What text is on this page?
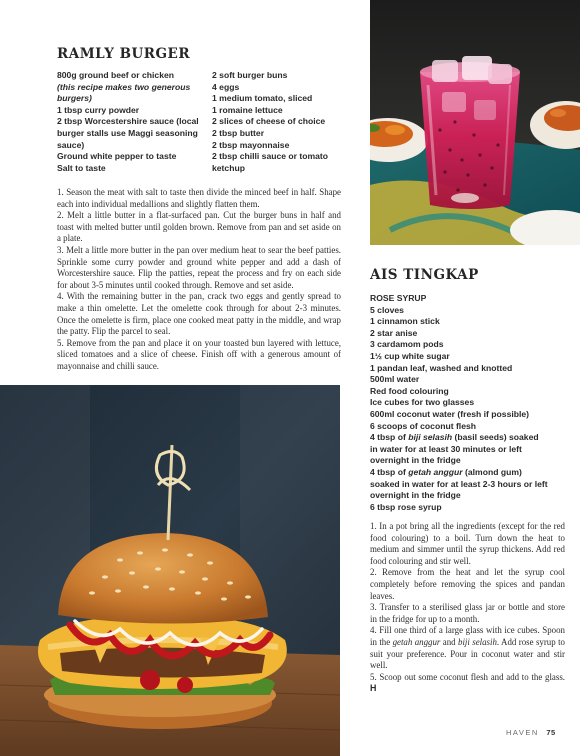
RAMLY BURGER
800g ground beef or chicken
(this recipe makes two generous
burgers)
1 tbsp curry powder
2 tbsp Worcestershire sauce (local
burger stalls use Maggi seasoning
sauce)
Ground white pepper to taste
Salt to taste
2 soft burger buns
4 eggs
1 medium tomato, sliced
1 romaine lettuce
2 slices of cheese of choice
2 tbsp butter
2 tbsp mayonnaise
2 tbsp chilli sauce or tomato
ketchup

1. Season the meat with salt to taste then divide the minced beef in half. Shape each into individual medallions and slightly flatten them.

2. Melt a little butter in a flat-surfaced pan. Cut the burger buns in half and toast with melted butter until golden brown. Remove from pan and set aside on a plate.

3. Melt a little more butter in the pan over medium heat to sear the beef patties. Sprinkle some curry powder and ground white pepper and add a dash of Worcestershire sauce. Flip the patties, repeat the process and fry on each side for about 3-5 minutes until cooked through. Remove and set aside.

4. With the remaining butter in the pan, crack two eggs and gently spread to make a thin omelette. Let the omelette cook through for about 2-3 minutes. Once the omelette is firm, place one cooked meat patty in the middle, and wrap the patty. Flip the parcel to seal.

5. Remove from the pan and place it on your toasted bun layered with lettuce, sliced tomatoes and a slice of cheese. Finish off with a generous amount of mayonnaise and chilli sauce.

AIS TINGKAP
ROSE SYRUP
5 cloves
1 cinnamon stick
2 star anise
3 cardamom pods
1½ cup white sugar
1 pandan leaf, washed and knotted
500ml water
Red food colouring
Ice cubes for two glasses
600ml coconut water (fresh if possible)
6 scoops of coconut flesh
4 tbsp of biji selasih (basil seeds) soaked
in water for at least 30 minutes or left
overnight in the fridge
4 tbsp of getah anggur (almond gum)
soaked in water for at least 2-3 hours or left
overnight in the fridge
6 tbsp rose syrup

1. In a pot bring all the ingredients (except for the red food colouring) to a boil. Turn down the heat to medium and simmer until the syrup thickens. Add red food colouring and stir well.

2. Remove from the heat and let the syrup cool completely before removing the spices and pandan leaves.

3. Transfer to a sterilised glass jar or bottle and store in the fridge for up to a month.

4. Fill one third of a large glass with ice cubes. Spoon in the getah anggur and biji selasih. Add rose syrup to suit your preference. Pour in coconut water and stir well.

5. Scoop out some coconut flesh and add to the glass. H

HAVEN 75
